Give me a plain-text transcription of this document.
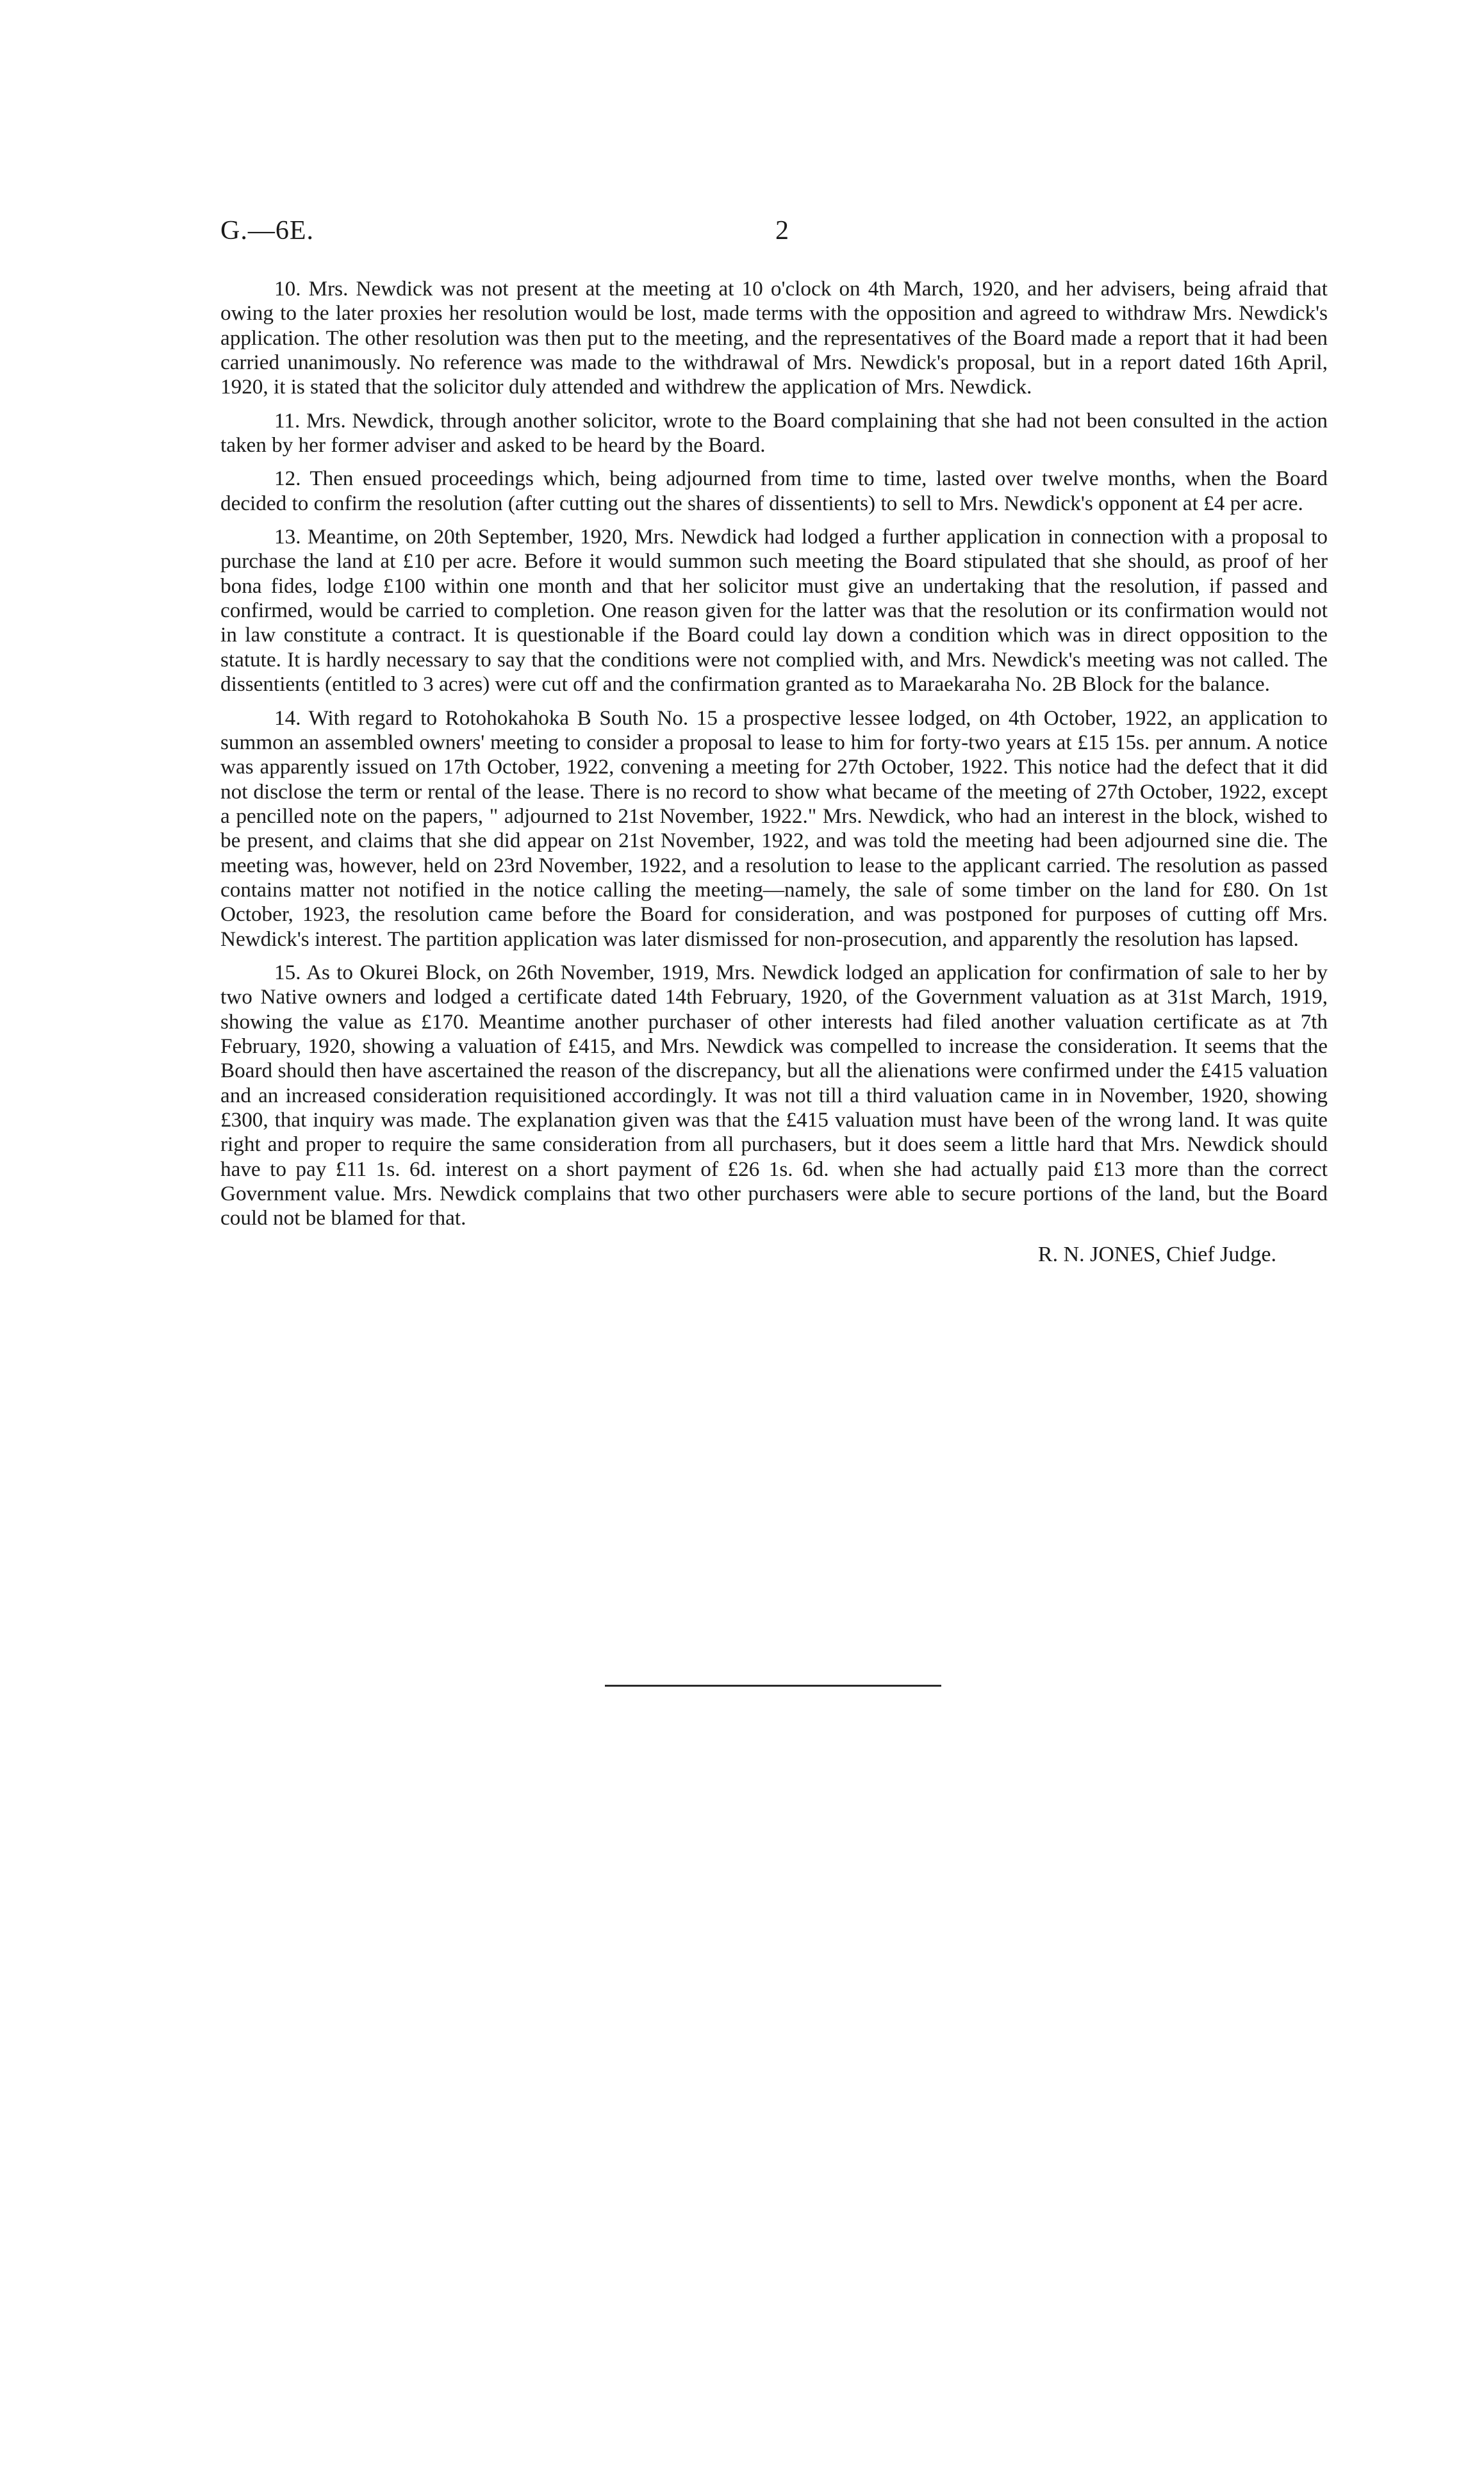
G.—6E.	2

10. Mrs. Newdick was not present at the meeting at 10 o'clock on 4th March, 1920, and her advisers, being afraid that owing to the later proxies her resolution would be lost, made terms with the opposition and agreed to withdraw Mrs. Newdick's application. The other resolution was then put to the meeting, and the representatives of the Board made a report that it had been carried unanimously. No reference was made to the withdrawal of Mrs. Newdick's proposal, but in a report dated 16th April, 1920, it is stated that the solicitor duly attended and withdrew the application of Mrs. Newdick.

11. Mrs. Newdick, through another solicitor, wrote to the Board complaining that she had not been consulted in the action taken by her former adviser and asked to be heard by the Board.

12. Then ensued proceedings which, being adjourned from time to time, lasted over twelve months, when the Board decided to confirm the resolution (after cutting out the shares of dissentients) to sell to Mrs. Newdick's opponent at £4 per acre.

13. Meantime, on 20th September, 1920, Mrs. Newdick had lodged a further application in connection with a proposal to purchase the land at £10 per acre. Before it would summon such meeting the Board stipulated that she should, as proof of her bona fides, lodge £100 within one month and that her solicitor must give an undertaking that the resolution, if passed and confirmed, would be carried to completion. One reason given for the latter was that the resolution or its confirmation would not in law constitute a contract. It is questionable if the Board could lay down a condition which was in direct opposition to the statute. It is hardly necessary to say that the conditions were not complied with, and Mrs. Newdick's meeting was not called. The dissentients (entitled to 3 acres) were cut off and the confirmation granted as to Maraekaraha No. 2B Block for the balance.

14. With regard to Rotohokahoka B South No. 15 a prospective lessee lodged, on 4th October, 1922, an application to summon an assembled owners' meeting to consider a proposal to lease to him for forty-two years at £15 15s. per annum. A notice was apparently issued on 17th October, 1922, convening a meeting for 27th October, 1922. This notice had the defect that it did not disclose the term or rental of the lease. There is no record to show what became of the meeting of 27th October, 1922, except a pencilled note on the papers, " adjourned to 21st November, 1922." Mrs. Newdick, who had an interest in the block, wished to be present, and claims that she did appear on 21st November, 1922, and was told the meeting had been adjourned sine die. The meeting was, however, held on 23rd November, 1922, and a resolution to lease to the applicant carried. The resolution as passed contains matter not notified in the notice calling the meeting—namely, the sale of some timber on the land for £80. On 1st October, 1923, the resolution came before the Board for consideration, and was postponed for purposes of cutting off Mrs. Newdick's interest. The partition application was later dismissed for non-prosecution, and apparently the resolution has lapsed.

15. As to Okurei Block, on 26th November, 1919, Mrs. Newdick lodged an application for confirmation of sale to her by two Native owners and lodged a certificate dated 14th February, 1920, of the Government valuation as at 31st March, 1919, showing the value as £170. Meantime another purchaser of other interests had filed another valuation certificate as at 7th February, 1920, showing a valuation of £415, and Mrs. Newdick was compelled to increase the consideration. It seems that the Board should then have ascertained the reason of the discrepancy, but all the alienations were confirmed under the £415 valuation and an increased consideration requisitioned accordingly. It was not till a third valuation came in in November, 1920, showing £300, that inquiry was made. The explanation given was that the £415 valuation must have been of the wrong land. It was quite right and proper to require the same consideration from all purchasers, but it does seem a little hard that Mrs. Newdick should have to pay £11 1s. 6d. interest on a short payment of £26 1s. 6d. when she had actually paid £13 more than the correct Government value. Mrs. Newdick complains that two other purchasers were able to secure portions of the land, but the Board could not be blamed for that.

R. N. JONES, Chief Judge.
